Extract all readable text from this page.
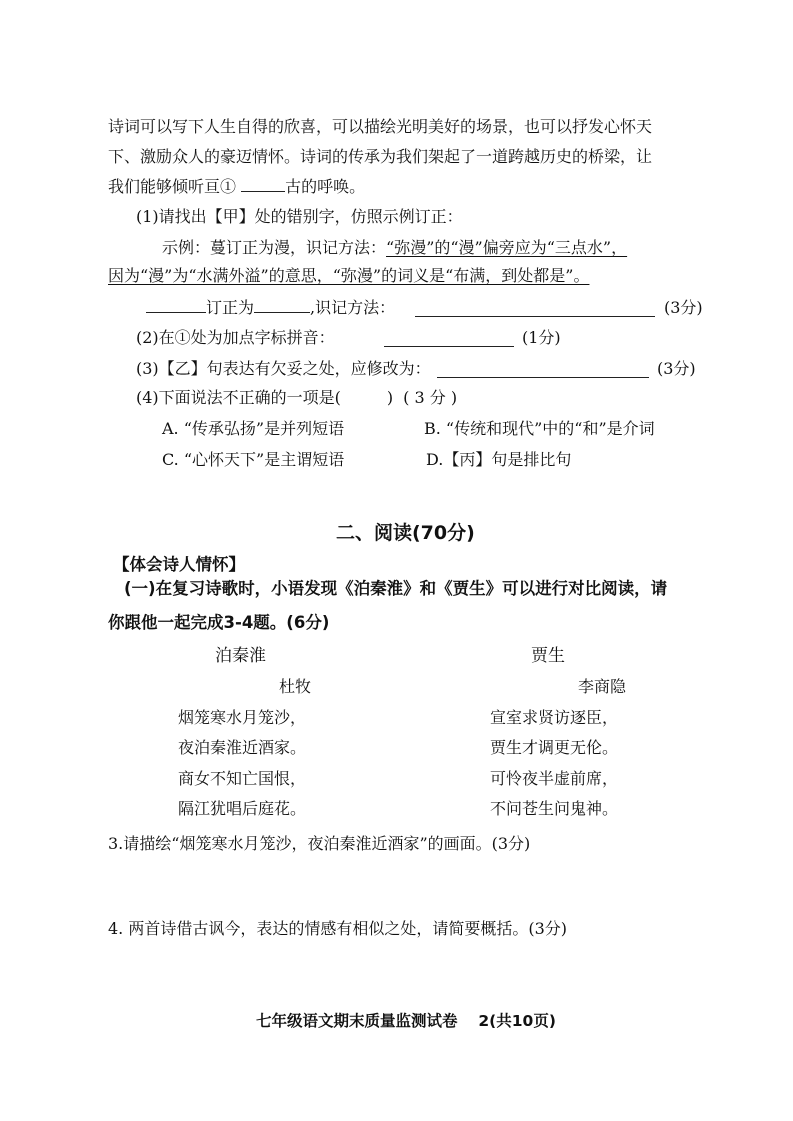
诗词可以写下人生自得的欣喜，可以描绘光明美好的场景，也可以抒发心怀天
下、激励众人的豪迈情怀。诗词的传承为我们架起了一道跨越历史的桥梁，让
我们能够倾听亘①	古的呼唤。
(1)请找出【甲】处的错别字，仿照示例订正：
示例：蔓订正为漫，识记方法：“弥漫”的“漫”偏旁应为“三点水”，
因为“漫”为“水满外溢”的意思，“弥漫”的词义是“布满，到处都是”。
订正为	,识记方法：	(3分)
(2)在①处为加点字标拼音：	(1分)
(3)【乙】句表达有欠妥之处，应修改为：	(3分)
(4)下面说法不正确的一项是(	) ( 3 分 )
A. “传承弘扬”是并列短语	B. “传统和现代”中的“和”是介词
C. “心怀天下”是主谓短语	D.【丙】句是排比句
二、阅读(70分)
【体会诗人情怀】
(一)在复习诗歌时，小语发现《泊秦淮》和《贾生》可以进行对比阅读，请
你跟他一起完成3-4题。(6分)
泊秦淮
杜牧
烟笼寒水月笼沙，
夜泊秦淮近酒家。
商女不知亡国恨，
隔江犹唱后庭花。
贾生
李商隐
宣室求贤访逐臣，
贾生才调更无伦。
可怜夜半虚前席，
不问苍生问鬼神。
3.请描绘“烟笼寒水月笼沙，夜泊秦淮近酒家”的画面。(3分)
4. 两首诗借古讽今，表达的情感有相似之处，请简要概括。(3分)
七年级语文期末质量监测试卷　 2(共10页)
